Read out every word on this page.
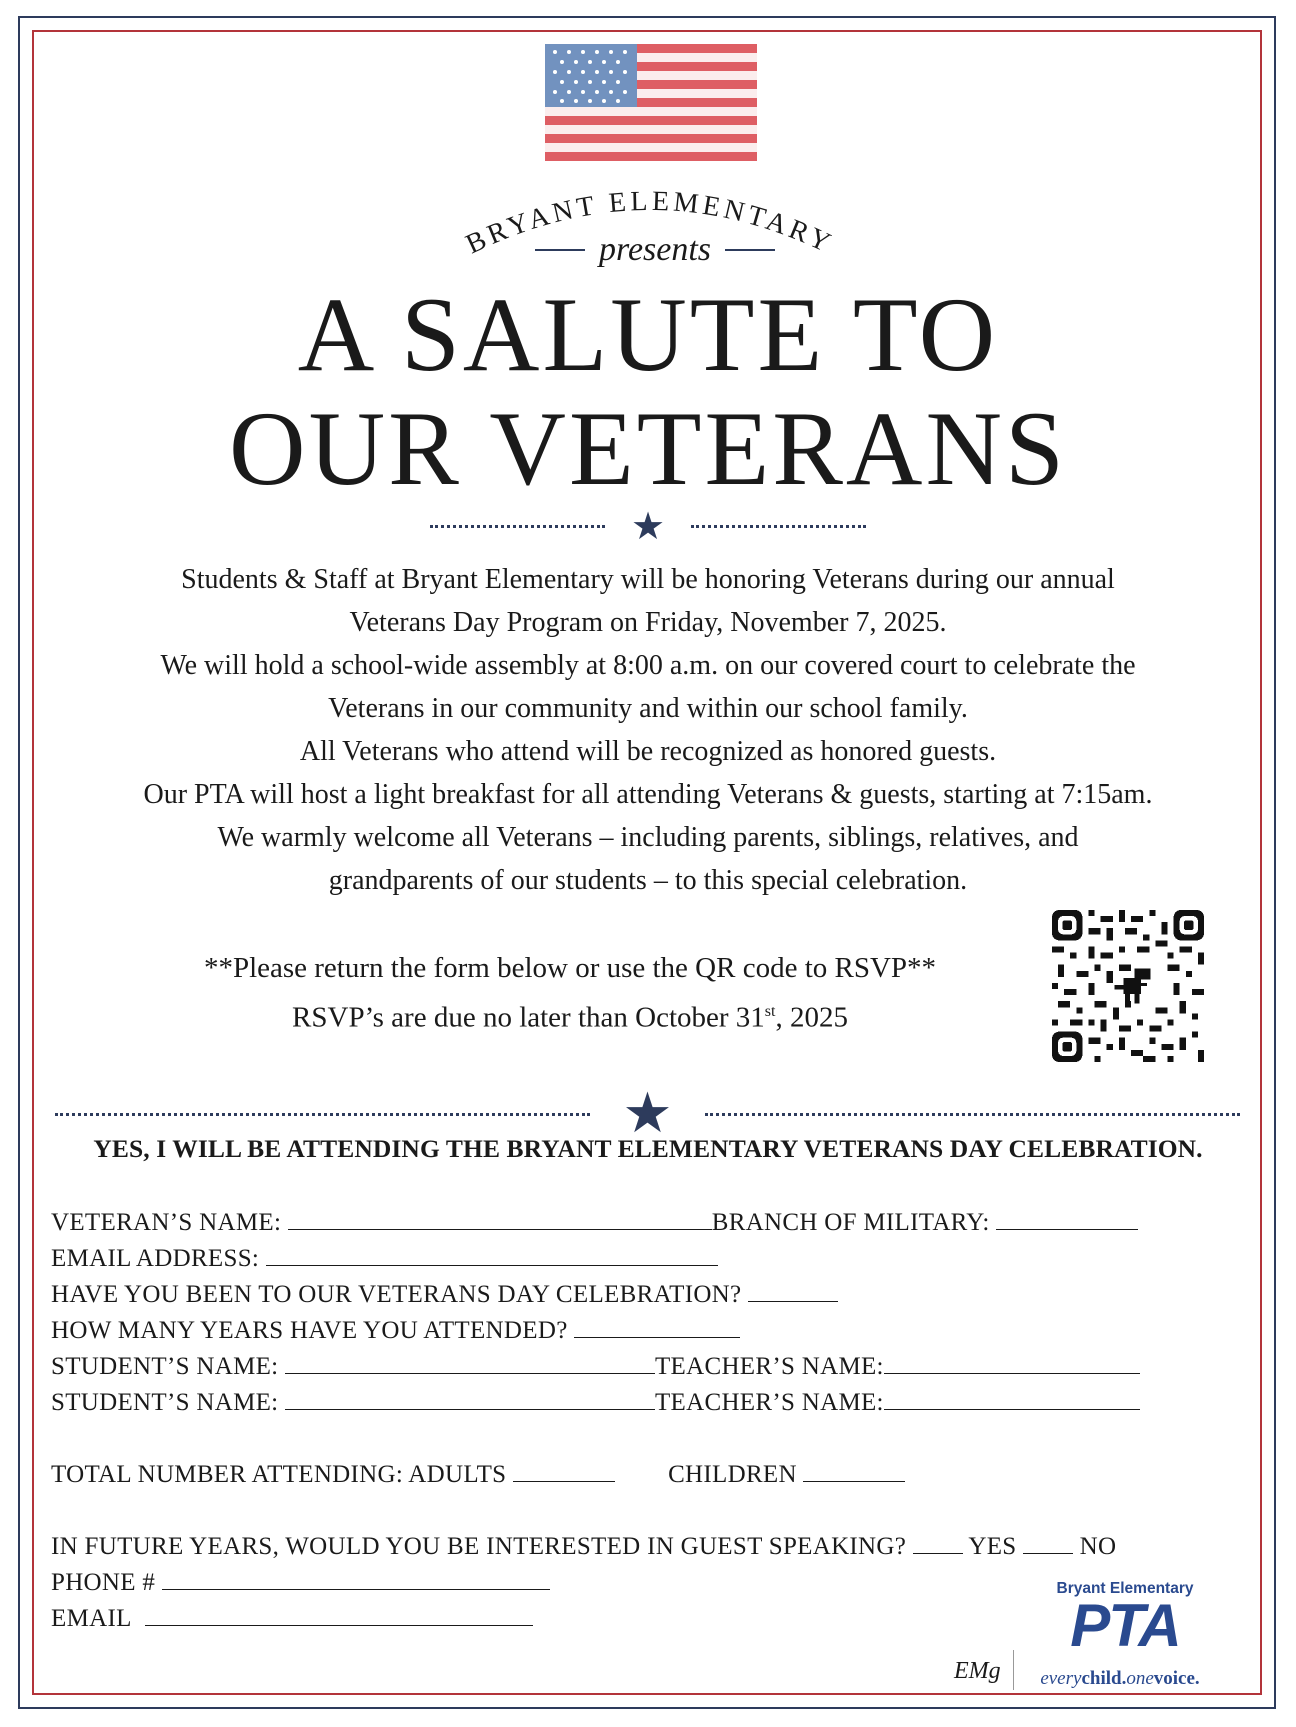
BRYANT ELEMENTARY
presents
A SALUTE TO
OUR VETERANS
★
Students & Staff at Bryant Elementary will be honoring Veterans during our annual
Veterans Day Program on Friday, November 7, 2025.
We will hold a school-wide assembly at 8:00 a.m. on our covered court to celebrate the
Veterans in our community and within our school family.
All Veterans who attend will be recognized as honored guests.
Our PTA will host a light breakfast for all attending Veterans & guests, starting at 7:15am.
We warmly welcome all Veterans – including parents, siblings, relatives, and
grandparents of our students – to this special celebration.
**Please return the form below or use the QR code to RSVP**
RSVP’s are due no later than October 31st, 2025
★
YES, I WILL BE ATTENDING THE BRYANT ELEMENTARY VETERANS DAY CELEBRATION.
VETERAN’S NAME:	BRANCH OF MILITARY:
EMAIL ADDRESS:
HAVE YOU BEEN TO OUR VETERANS DAY CELEBRATION?
HOW MANY YEARS HAVE YOU ATTENDED?
STUDENT’S NAME:	TEACHER’S NAME:
STUDENT’S NAME:	TEACHER’S NAME:
TOTAL NUMBER ATTENDING: ADULTS	CHILDREN
IN FUTURE YEARS, WOULD YOU BE INTERESTED IN GUEST SPEAKING? YES	NO
PHONE #
EMAIL
Bryant Elementary
PTA
everychild.onevoice.
EMg
